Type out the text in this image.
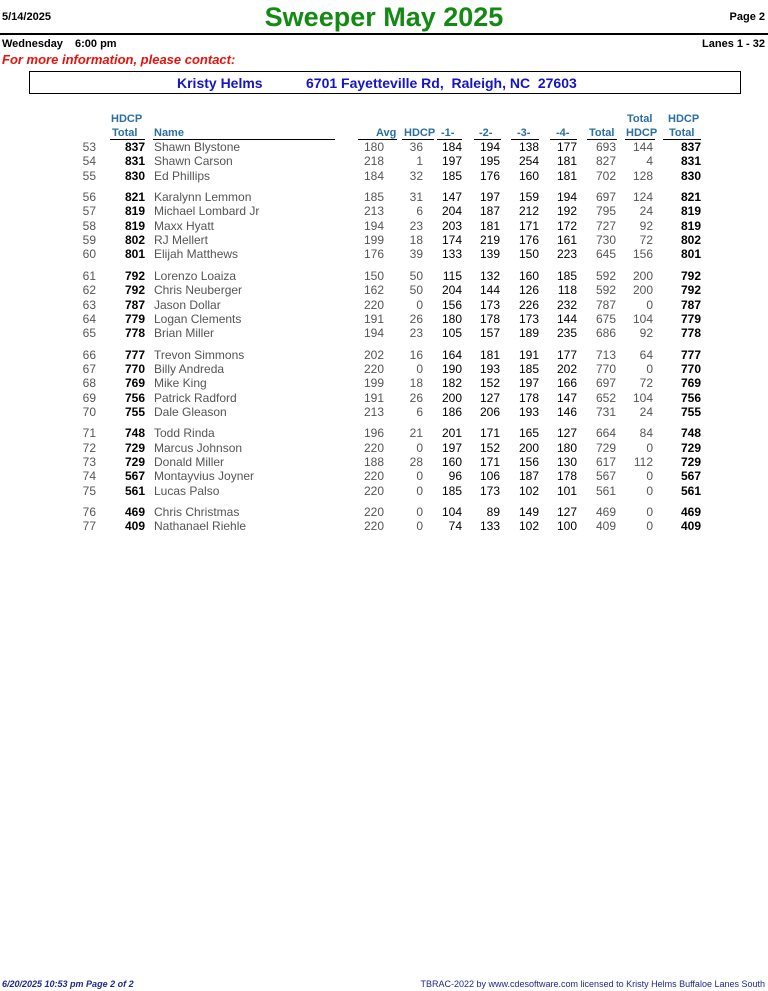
5/14/2025	Sweeper May 2025	Page 2
Wednesday 6:00 pm	Lanes 1 - 32
For more information, please contact:
Kristy Helms	6701 Fayetteville Rd,  Raleigh, NC  27603
HDCP
Total Name	Avg HDCP -1- -2- -3- -4- Total
Total
HDCP
HDCP
Total
53 837 Shawn Blystone	180 36 184 194 138 177 693 144 837
54 831 Shawn Carson	218	1 197 195 254 181 827	4 831
55 830 Ed Phillips	184 32 185 176 160 181 702 128 830
56 821 Karalynn Lemmon	185 31 147 197 159 194 697 124 821
57 819 Michael Lombard Jr	213	6 204 187 212 192 795 24 819
58 819 Maxx Hyatt	194 23 203 181 171 172 727 92 819
59 802 RJ Mellert	199 18 174 219 176 161 730 72 802
60 801 Elijah Matthews	176 39 133 139 150 223 645 156 801
61 792 Lorenzo Loaiza	150 50 115 132 160 185 592 200 792
62 792 Chris Neuberger	162 50 204 144 126 118 592 200 792
63 787 Jason Dollar	220	0 156 173 226 232 787	0 787
64 779 Logan Clements	191 26 180 178 173 144 675 104 779
65 778 Brian Miller	194 23 105 157 189 235 686 92 778
66 777 Trevon Simmons	202 16 164 181 191 177 713 64 777
67 770 Billy Andreda	220	0 190 193 185 202 770	0 770
68 769 Mike King	199 18 182 152 197 166 697 72 769
69 756 Patrick Radford	191 26 200 127 178 147 652 104 756
70 755 Dale Gleason	213	6 186 206 193 146 731 24 755
71 748 Todd Rinda	196 21 201 171 165 127 664 84 748
72 729 Marcus Johnson	220	0 197 152 200 180 729	0 729
73 729 Donald Miller	188 28 160 171 156 130 617 112 729
74 567 Montayvius Joyner	220	0 96 106 187 178 567	0 567
75 561 Lucas Palso	220	0 185 173 102 101 561	0 561
76 469 Chris Christmas	220	0 104 89 149 127 469	0 469
77 409 Nathanael Riehle	220	0 74 133 102 100 409	0 409
6/20/2025 10:53 pm Page 2 of 2	TBRAC-2022 by www.cdesoftware.com licensed to Kristy Helms Buffaloe Lanes South
